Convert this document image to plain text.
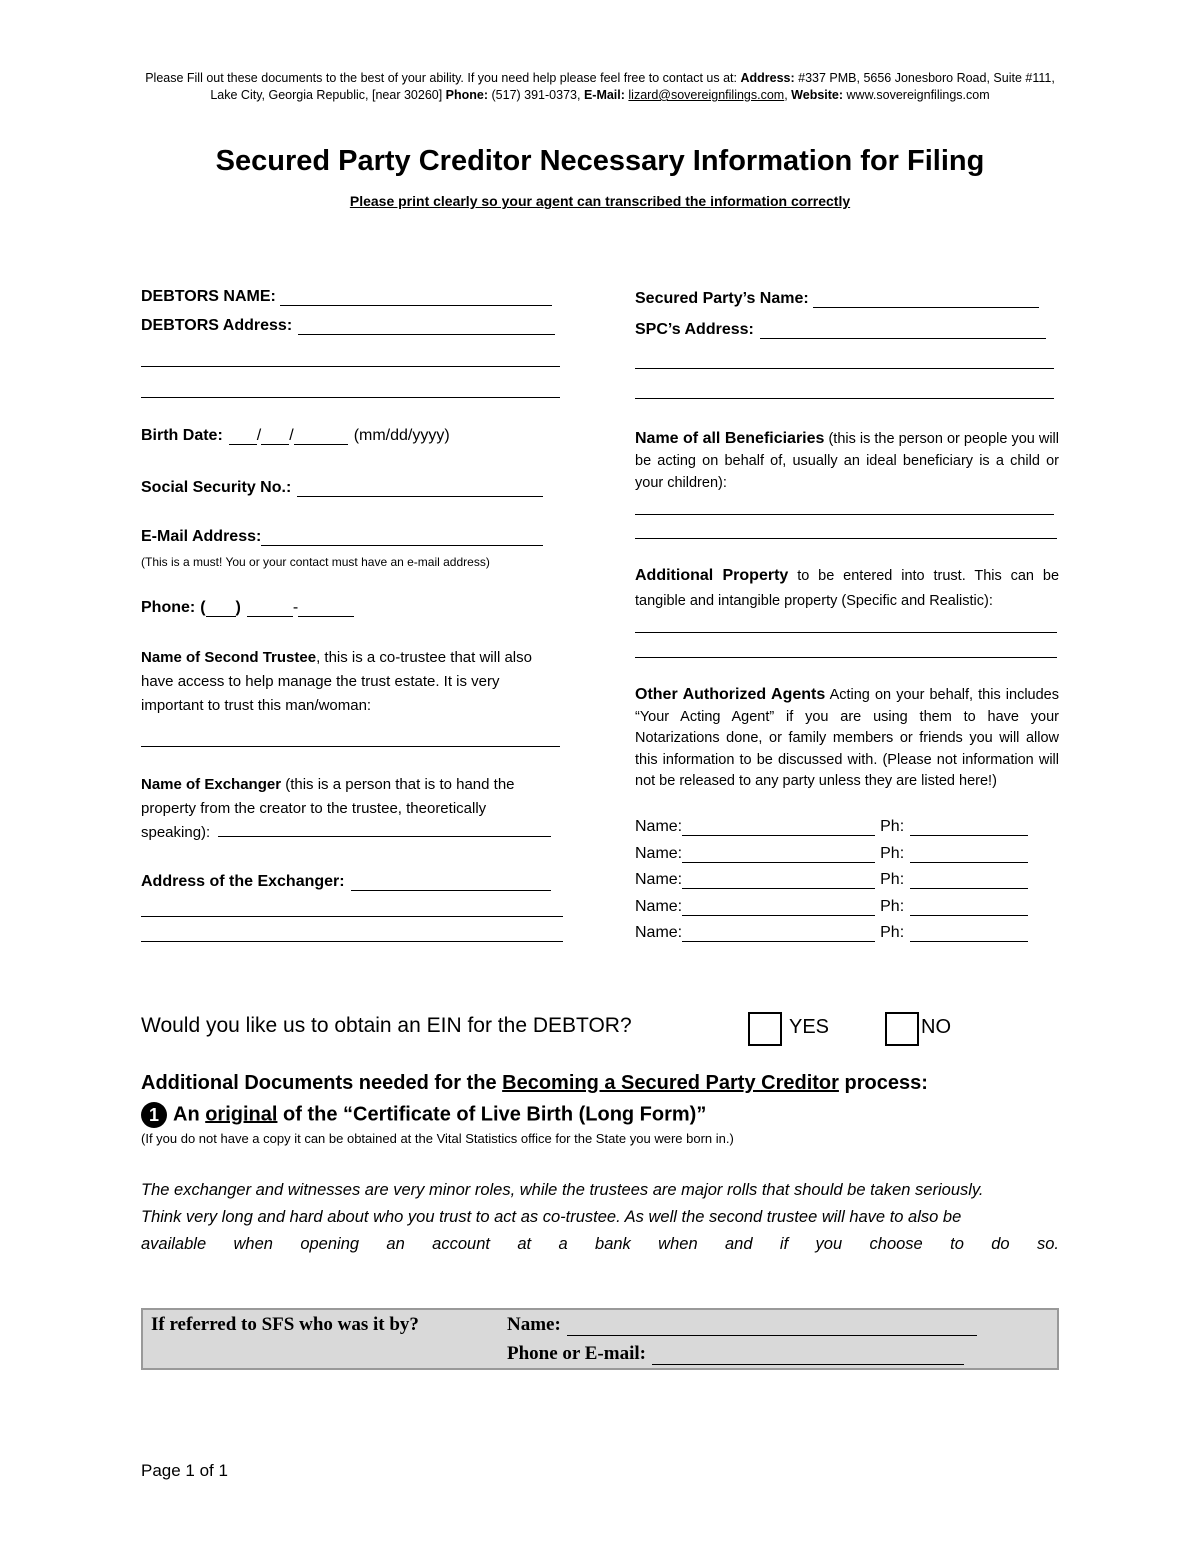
Please Fill out these documents to the best of your ability. If you need help please feel free to contact us at: Address: #337 PMB, 5656 Jonesboro Road, Suite #111, Lake City, Georgia Republic, [near 30260] Phone: (517) 391-0373, E-Mail: lizard@sovereignfilings.com, Website: www.sovereignfilings.com
Secured Party Creditor Necessary Information for Filing
Please print clearly so your agent can transcribed the information correctly
DEBTORS NAME:
DEBTORS Address:
Birth Date: / /	(mm/dd/yyyy)
Social Security No.:
E-Mail Address:
(This is a must! You or your contact must have an e-mail address)
Phone: ( )	-
Name of Second Trustee, this is a co-trustee that will also have access to help manage the trust estate. It is very important to trust this man/woman:
Name of Exchanger (this is a person that is to hand the property from the creator to the trustee, theoretically speaking):
Address of the Exchanger:
Secured Party’s Name:
SPC’s Address:
Name of all Beneficiaries (this is the person or people you will be acting on behalf of, usually an ideal beneficiary is a child or your children):
Additional Property to be entered into trust. This can be tangible and intangible property (Specific and Realistic):
Other Authorized Agents Acting on your behalf, this includes “Your Acting Agent” if you are using them to have your Notarizations done, or family members or friends you will allow this information to be discussed with. (Please not information will not be released to any party unless they are listed here!)
Name:	Ph:
Name:	Ph:
Name:	Ph:
Name:	Ph:
Name:	Ph:
Would you like us to obtain an EIN for the DEBTOR?	YES	NO
Additional Documents needed for the Becoming a Secured Party Creditor process:
1 An original of the “Certificate of Live Birth (Long Form)”
(If you do not have a copy it can be obtained at the Vital Statistics office for the State you were born in.)
The exchanger and witnesses are very minor roles, while the trustees are major rolls that should be taken seriously.
Think very long and hard about who you trust to act as co-trustee. As well the second trustee will have to also be
available when opening an account at a bank when and if you choose to do so.
If referred to SFS who was it by?	Name:
Phone or E-mail:
Page 1 of 1
